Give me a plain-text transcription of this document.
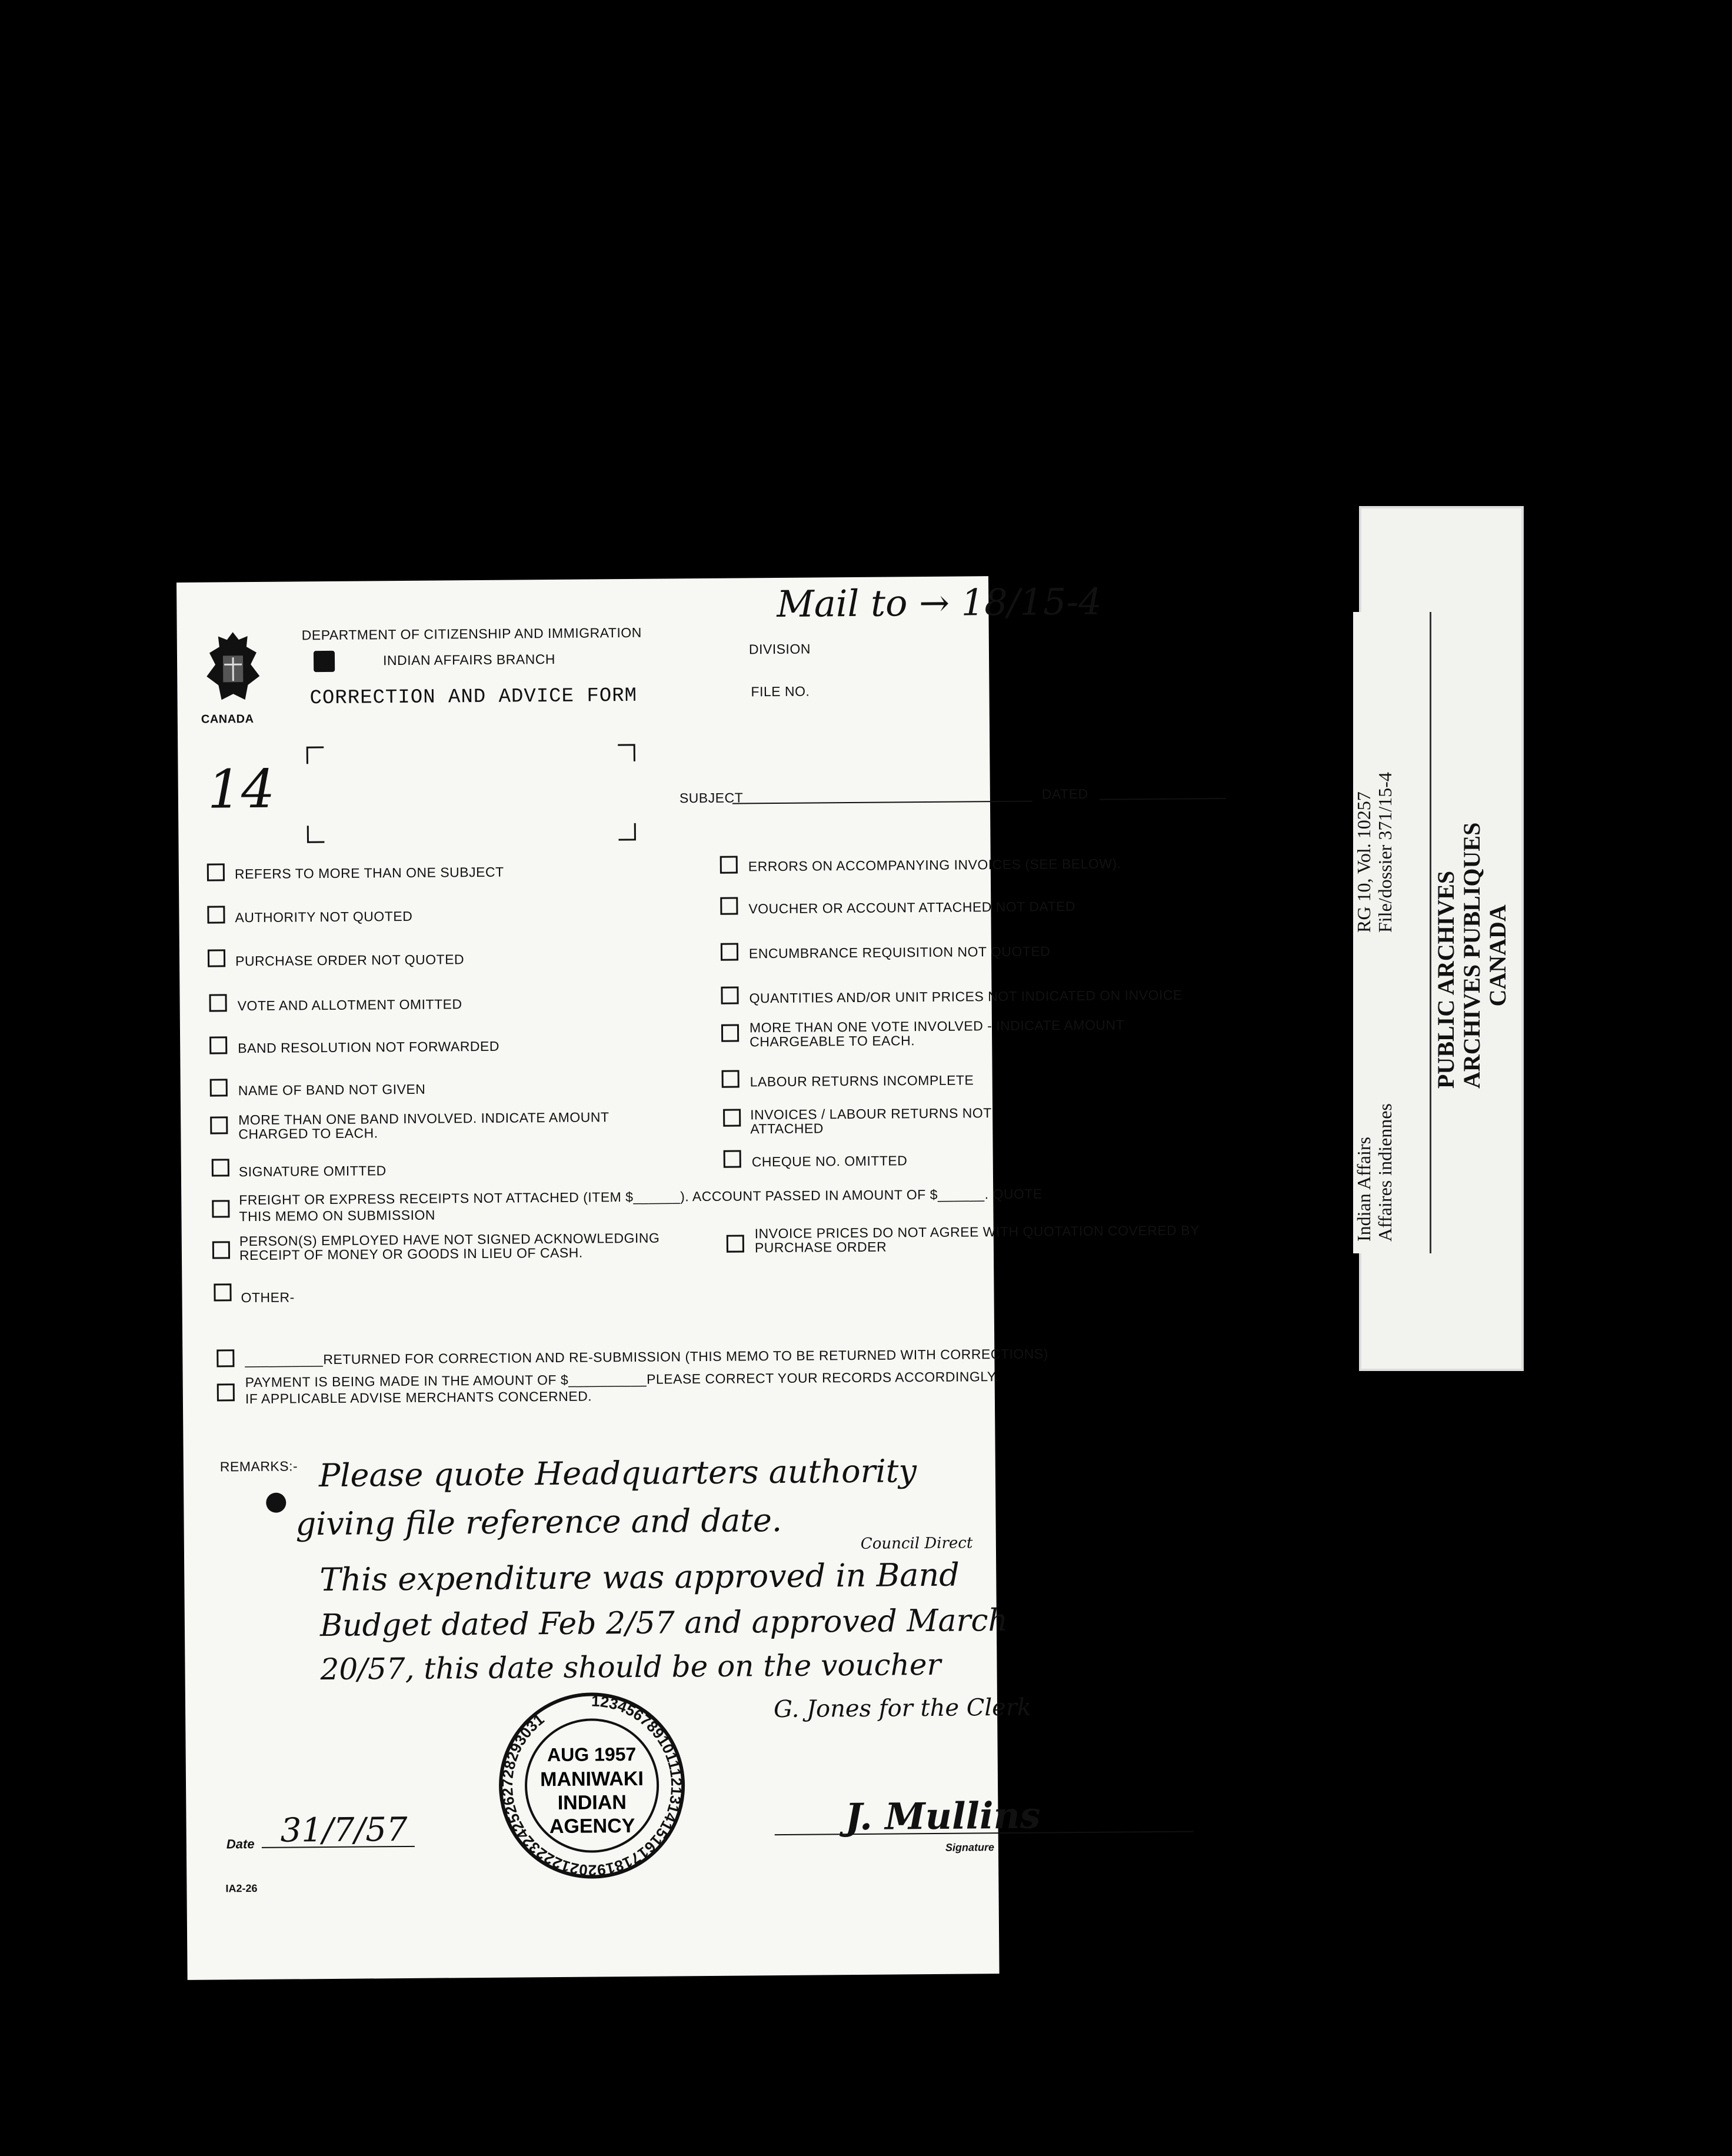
CANADA
DEPARTMENT OF CITIZENSHIP AND IMMIGRATION
INDIAN AFFAIRS BRANCH
CORRECTION AND ADVICE FORM
DIVISION
FILE NO.
SUBJECT	DATED
REFERS TO MORE THAN ONE SUBJECT
AUTHORITY NOT QUOTED
PURCHASE ORDER NOT QUOTED
VOTE AND ALLOTMENT OMITTED
BAND RESOLUTION NOT FORWARDED
NAME OF BAND NOT GIVEN
MORE THAN ONE BAND INVOLVED. INDICATE AMOUNT CHARGED TO EACH.
SIGNATURE OMITTED
ERRORS ON ACCOMPANYING INVOICES (SEE BELOW).
VOUCHER OR ACCOUNT ATTACHED NOT DATED
ENCUMBRANCE REQUISITION NOT QUOTED
QUANTITIES AND/OR UNIT PRICES NOT INDICATED ON INVOICE
MORE THAN ONE VOTE INVOLVED - INDICATE AMOUNT CHARGEABLE TO EACH.
LABOUR RETURNS INCOMPLETE
INVOICES / LABOUR RETURNS NOT ATTACHED
CHEQUE NO. OMITTED
FREIGHT OR EXPRESS RECEIPTS NOT ATTACHED (ITEM $______). ACCOUNT PASSED IN AMOUNT OF $______. QUOTE THIS MEMO ON SUBMISSION
PERSON(S) EMPLOYED HAVE NOT SIGNED ACKNOWLEDGING RECEIPT OF MONEY OR GOODS IN LIEU OF CASH.
INVOICE PRICES DO NOT AGREE WITH QUOTATION COVERED BY PURCHASE ORDER
OTHER-
__________RETURNED FOR CORRECTION AND RE-SUBMISSION (THIS MEMO TO BE RETURNED WITH CORRECTIONS)
PAYMENT IS BEING MADE IN THE AMOUNT OF $__________PLEASE CORRECT YOUR RECORDS ACCORDINGLY. IF APPLICABLE ADVISE MERCHANTS CONCERNED.
REMARKS:-
Mail to → 18/15-4
14
Please quote Headquarters authority
giving file reference and date.
Council Direct
This expenditure was approved in Band
Budget dated Feb 2/57 and approved March
20/57, this date should be on the voucher
G. Jones for the Clerk
12345678910111213141516171819202122232425262728293031
AUG 1957
MANIWAKI
INDIAN
AGENCY
Date 31/7/57	J. Mullins
Signature
IA2-26
PUBLIC ARCHIVES ARCHIVES PUBLIQUES CANADA
RG 10, Vol. 10257 File/dossier 371/15-4
Indian Affairs Affaires indiennes
